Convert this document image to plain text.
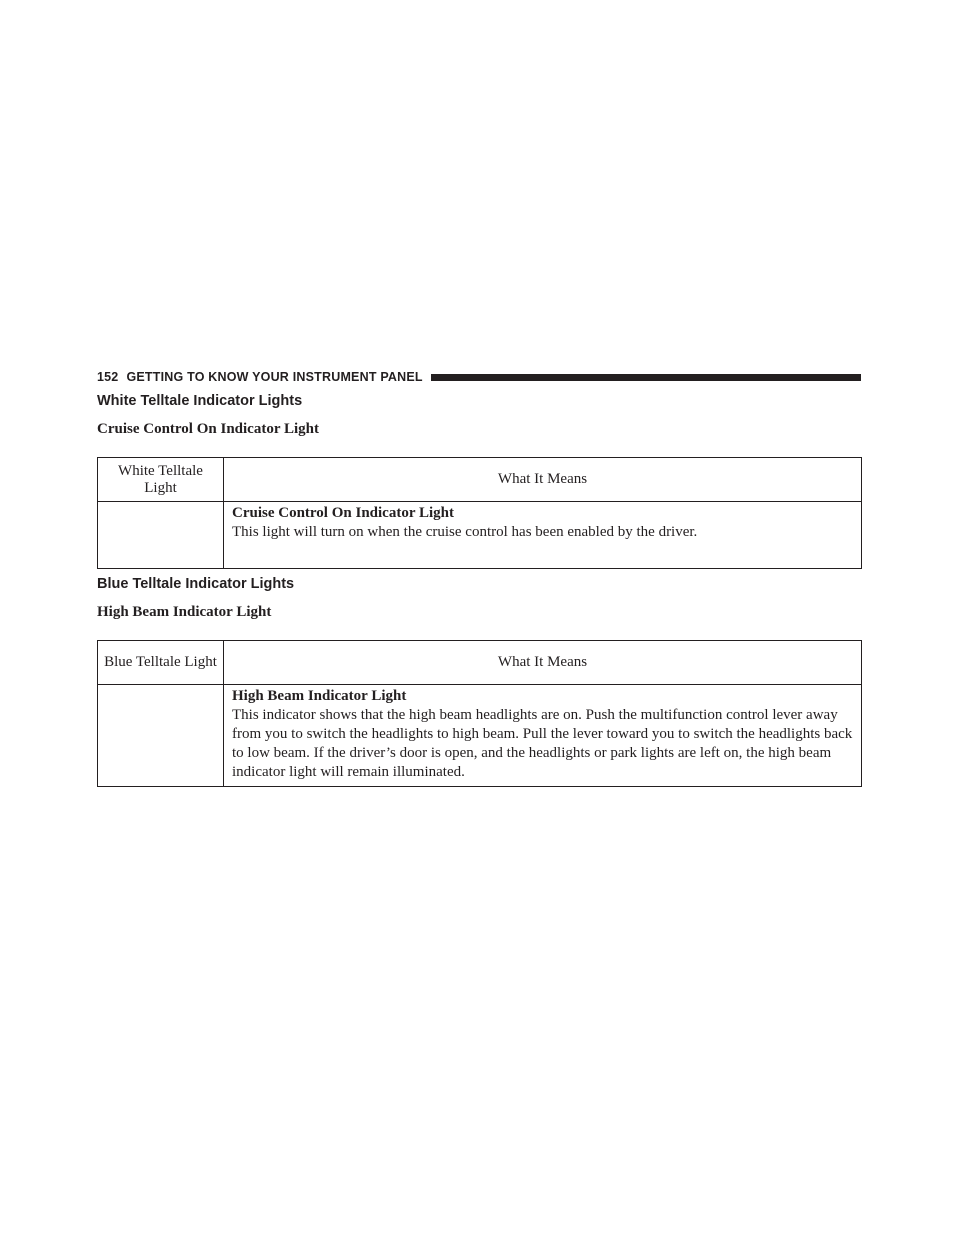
152 GETTING TO KNOW YOUR INSTRUMENT PANEL
White Telltale Indicator Lights
Cruise Control On Indicator Light
White Telltale Light	What It Means

	Cruise Control On Indicator Light
This light will turn on when the cruise control has been enabled by the driver.
Blue Telltale Indicator Lights
High Beam Indicator Light
Blue Telltale Light	What It Means

	High Beam Indicator Light
This indicator shows that the high beam headlights are on. Push the multifunction control lever away from you to switch the headlights to high beam. Pull the lever toward you to switch the headlights back to low beam. If the driver’s door is open, and the headlights or park lights are left on, the high beam indicator light will remain illuminated.
